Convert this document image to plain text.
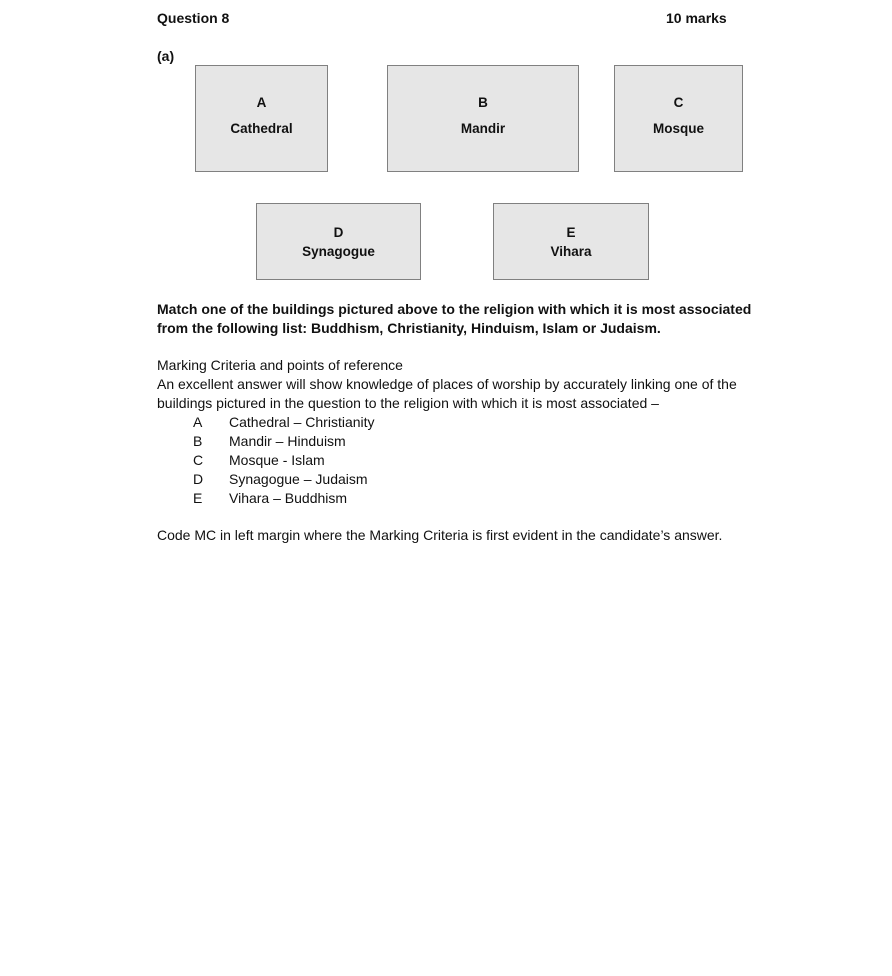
Question 8	10 marks
(a)
A
Cathedral
B
Mandir
C
Mosque
D
Synagogue
E
Vihara
Match one of the buildings pictured above to the religion with which it is most associated from the following list: Buddhism, Christianity, Hinduism, Islam or Judaism.
Marking Criteria and points of reference
An excellent answer will show knowledge of places of worship by accurately linking one of the buildings pictured in the question to the religion with which it is most associated –
A	Cathedral – Christianity
B	Mandir – Hinduism
C	Mosque - Islam
D	Synagogue – Judaism
E	Vihara – Buddhism
Code MC in left margin where the Marking Criteria is first evident in the candidate’s answer.
